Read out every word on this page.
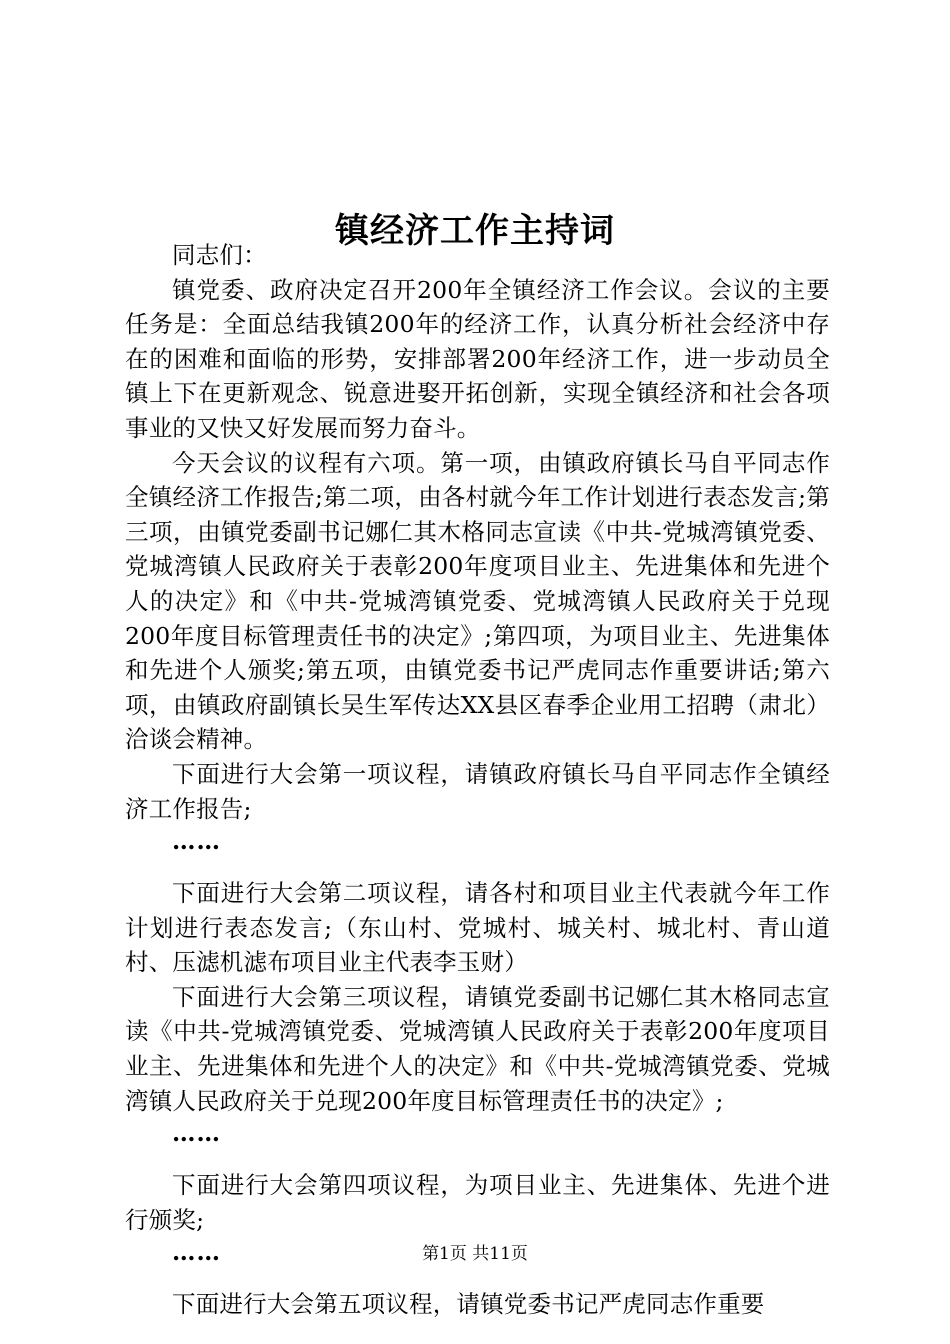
镇经济工作主持词

同志们：

镇党委、政府决定召开200年全镇经济工作会议。会议的主要任务是：全面总结我镇200年的经济工作，认真分析社会经济中存在的困难和面临的形势，安排部署200年经济工作，进一步动员全镇上下在更新观念、锐意进娶开拓创新，实现全镇经济和社会各项事业的又快又好发展而努力奋斗。

今天会议的议程有六项。第一项，由镇政府镇长马自平同志作全镇经济工作报告;第二项，由各村就今年工作计划进行表态发言;第三项，由镇党委副书记娜仁其木格同志宣读《中共-党城湾镇党委、党城湾镇人民政府关于表彰200年度项目业主、先进集体和先进个人的决定》和《中共-党城湾镇党委、党城湾镇人民政府关于兑现200年度目标管理责任书的决定》;第四项，为项目业主、先进集体和先进个人颁奖;第五项，由镇党委书记严虎同志作重要讲话;第六项，由镇政府副镇长吴生军传达XX县区春季企业用工招聘（肃北）洽谈会精神。

下面进行大会第一项议程，请镇政府镇长马自平同志作全镇经济工作报告;

……

下面进行大会第二项议程，请各村和项目业主代表就今年工作计划进行表态发言;（东山村、党城村、城关村、城北村、青山道村、压滤机滤布项目业主代表李玉财）

下面进行大会第三项议程，请镇党委副书记娜仁其木格同志宣读《中共-党城湾镇党委、党城湾镇人民政府关于表彰200年度项目业主、先进集体和先进个人的决定》和《中共-党城湾镇党委、党城湾镇人民政府关于兑现200年度目标管理责任书的决定》;

……

下面进行大会第四项议程，为项目业主、先进集体、先进个进行颁奖;

……

下面进行大会第五项议程，请镇党委书记严虎同志作重要

第1页 共11页
